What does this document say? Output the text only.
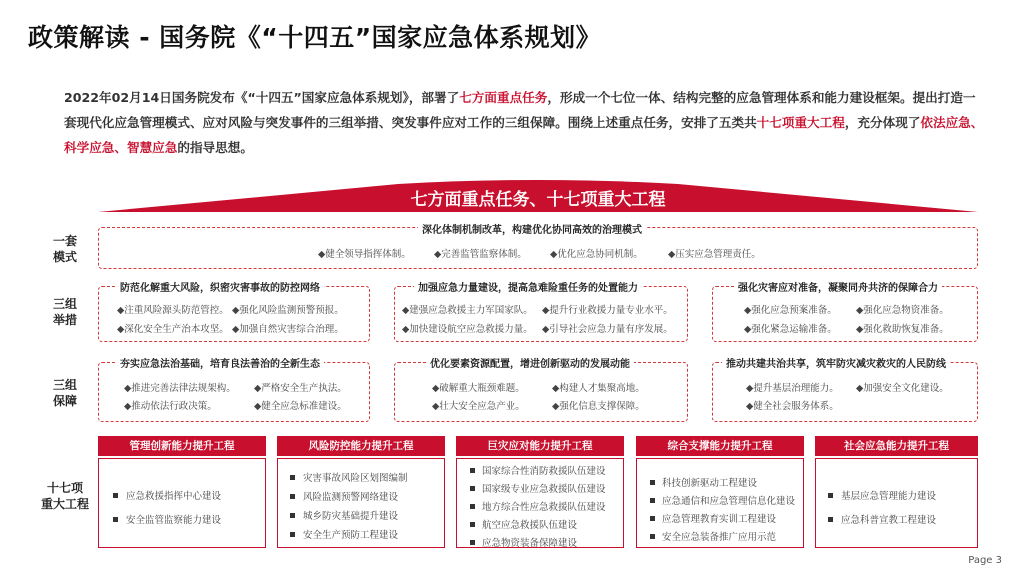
政策解读 - 国务院《“十四五”国家应急体系规划》
2022年02月14日国务院发布《“十四五”国家应急体系规划》，部署了七方面重点任务，形成一个七位一体、结构完整的应急管理体系和能力建设框架。提出打造一套现代化应急管理模式、应对风险与突发事件的三组举措、突发事件应对工作的三组保障。围绕上述重点任务，安排了五类共十七项重大工程，充分体现了依法应急、科学应急、智慧应急的指导思想。
七方面重点任务、十七项重大工程
一套
模式
三组
举措
三组
保障
十七项
重大工程
深化体制机制改革，构建优化协同高效的治理模式
◆健全领导指挥体制。 ◆完善监管监察体制。 ◆优化应急协同机制。	◆压实应急管理责任。
防范化解重大风险，织密灾害事故的防控网络
◆注重风险源头防范管控。 ◆强化风险监测预警预报。
◆深化安全生产治本攻坚。 ◆加强自然灾害综合治理。
加强应急力量建设，提高急难险重任务的处置能力
◆建强应急救援主力军国家队。 ◆提升行业救援力量专业水平。
◆加快建设航空应急救援力量。 ◆引导社会应急力量有序发展。
强化灾害应对准备，凝聚同舟共济的保障合力
◆强化应急预案准备。 ◆强化应急物资准备。
◆强化紧急运输准备。 ◆强化救助恢复准备。
夯实应急法治基础，培育良法善治的全新生态
◆推进完善法律法规架构。 ◆严格安全生产执法。
◆推动依法行政决策。	◆健全应急标准建设。
优化要素资源配置，增进创新驱动的发展动能
◆破解重大瓶颈难题。	◆构建人才集聚高地。
◆壮大安全应急产业。	◆强化信息支撑保障。
推动共建共治共享，筑牢防灾减灾救灾的人民防线
◆提升基层治理能力。 ◆加强安全文化建设。
◆健全社会服务体系。
管理创新能力提升工程
应急救援指挥中心建设
安全监管监察能力建设
风险防控能力提升工程
灾害事故风险区划图编制
风险监测预警网络建设
城乡防灾基础提升建设
安全生产预防工程建设
巨灾应对能力提升工程
国家综合性消防救援队伍建设
国家级专业应急救援队伍建设
地方综合性应急救援队伍建设
航空应急救援队伍建设
应急物资装备保障建设
综合支撑能力提升工程
科技创新驱动工程建设
应急通信和应急管理信息化建设
应急管理教育实训工程建设
安全应急装备推广应用示范
社会应急能力提升工程
基层应急管理能力建设
应急科普宣教工程建设
Page 3
